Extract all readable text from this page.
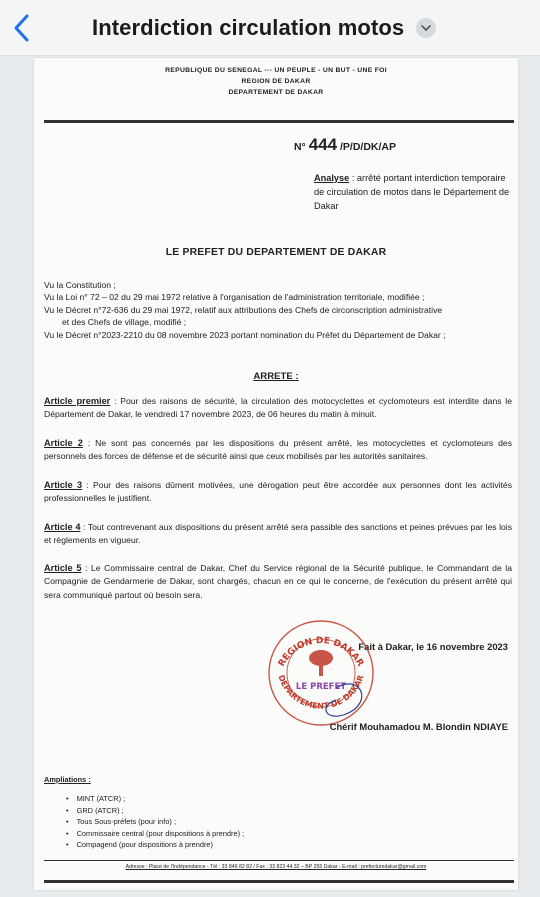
Interdiction circulation motos
REPUBLIQUE DU SENEGAL -·- UN PEUPLE - UN BUT - UNE FOI
REGION DE DAKAR
DEPARTEMENT DE DAKAR
N° 444 /P/D/DK/AP
Analyse : arrêté portant interdiction temporaire de circulation de motos dans le Département de Dakar
LE PREFET DU DEPARTEMENT DE DAKAR
Vu la Constitution ;
Vu la Loi n° 72 – 02 du 29 mai 1972 relative à l'organisation de l'administration territoriale, modifiée ;
Vu le Décret n°72-636 du 29 mai 1972, relatif aux attributions des Chefs de circonscription administrative
et des Chefs de village, modifié ;
Vu le Décret n°2023-2210 du 08 novembre 2023 portant nomination du Préfet du Département de Dakar ;
ARRETE :
Article premier : Pour des raisons de sécurité, la circulation des motocyclettes et cyclomoteurs est interdite dans le Département de Dakar, le vendredi 17 novembre 2023, de 06 heures du matin à minuit.
Article 2 : Ne sont pas concernés par les dispositions du présent arrêté, les motocyclettes et cyclomoteurs des personnels des forces de défense et de sécurité ainsi que ceux mobilisés par les autorités sanitaires.
Article 3 : Pour des raisons dûment motivées, une dérogation peut être accordée aux personnes dont les activités professionnelles le justifient.
Article 4 : Tout contrevenant aux dispositions du présent arrêté sera passible des sanctions et peines prévues par les lois et règlements en vigueur.
Article 5 : Le Commissaire central de Dakar, Chef du Service régional de la Sécurité publique, le Commandant de la Compagnie de Gendarmerie de Dakar, sont chargés, chacun en ce qui le concerne, de l'exécution du présent arrêté qui sera communiqué partout où besoin sera.
Fait à Dakar, le 16 novembre 2023
REGION DE DAKAR
DEPARTEMENT DE DAKAR
LE PREFET
Chérif Mouhamadou M. Blondin NDIAYE
Ampliations :
• MINT (ATCR) ;
• GRD (ATCR) ;
• Tous Sous-préfets (pour info) ;
• Commissaire central (pour dispositions à prendre) ;
• Compagend (pour dispositions à prendre)
Adresse : Place de l'Indépendance - Tél : 33 849 82 82 / Fax : 33 823 44 32 – BP 255 Dakar - E-mail : prefecturedakar@gmail.com
